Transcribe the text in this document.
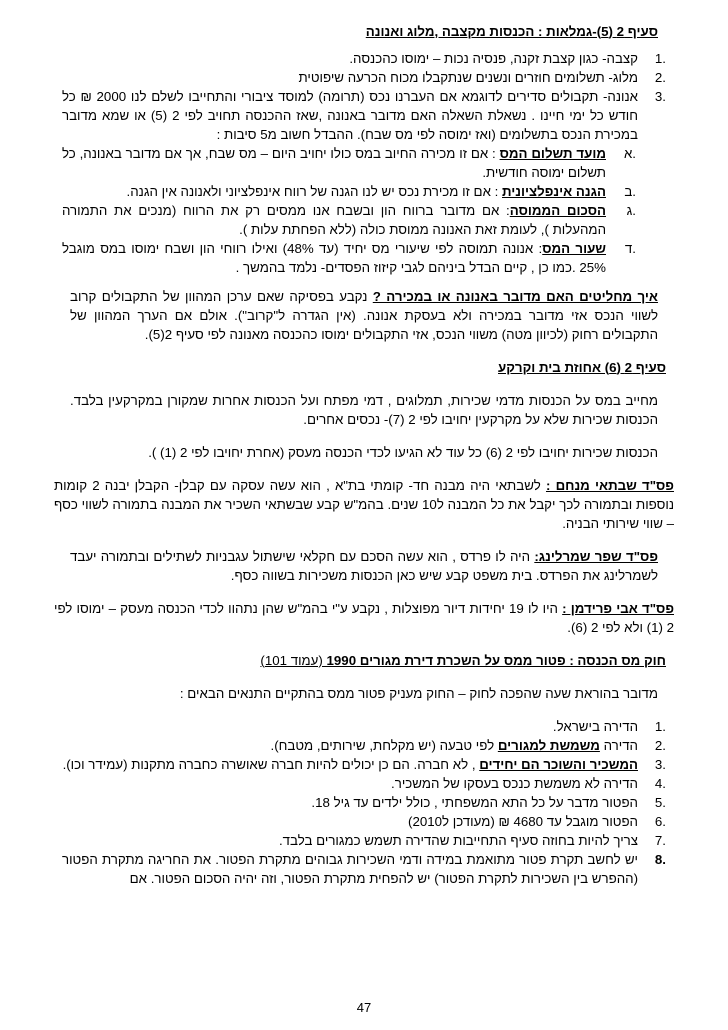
סעיף 2 (5)-גמלאות : הכנסות מקצבה ,מלוג ואנונה
1.
קצבה- כגון קצבת זקנה, פנסיה נכות – ימוסו כהכנסה.
2.
מלוג- תשלומים חוזרים ונשנים שנתקבלו מכוח הכרעה שיפוטית
3.
אנונה- תקבולים סדירים לדוגמא אם העברנו נכס (תרומה) למוסד ציבורי והתחייבו לשלם לנו 2000 ₪ כל חודש כל ימי חיינו . נשאלת השאלה האם מדובר באנונה ,שאז ההכנסה תחויב לפי 2 (5) או שמא מדובר במכירת הנכס בתשלומים (ואז ימוסה לפי מס שבח). ההבדל חשוב מ5 סיבות :
א.
מועד תשלום המס : אם זו מכירה החיוב במס כולו יחויב היום – מס שבח, אך אם מדובר באנונה, כל תשלום ימוסה חודשית.
ב.
הגנה אינפלציונית : אם זו מכירת נכס יש לנו הגנה של רווח אינפלציוני ולאנונה אין הגנה.
ג.
הסכום הממוסה: אם מדובר ברווח הון ובשבח אנו ממסים רק את הרווח (מנכים את התמורה המהעלות ), לעומת זאת האנונה ממוסת כולה (ללא הפחתת עלות ).
ד.
שעור המס: אנונה תמוסה לפי שיעורי מס יחיד (עד 48%) ואילו רווחי הון ושבח ימוסו במס מוגבל 25% .כמו כן , קיים הבדל ביניהם לגבי קיזוז הפסדים- נלמד בהמשך .

איך מחליטים האם מדובר באנונה או במכירה ? נקבע בפסיקה שאם ערכן המהוון של התקבולים קרוב לשווי הנכס אזי מדובר במכירה ולא בעסקת אנונה. (אין הגדרה ל"קרוב"). אולם אם הערך המהוון של התקבולים רחוק (לכיוון מטה) משווי הנכס, אזי התקבולים ימוסו כהכנסה מאנונה לפי סעיף 2(5).

סעיף 2 (6) אחוזת בית וקרקע

מחייב במס על הכנסות מדמי שכירות, תמלוגים , דמי מפתח ועל הכנסות אחרות שמקורן במקרקעין בלבד. הכנסות שכירות שלא על מקרקעין יחויבו לפי 2 (7)- נכסים אחרים.

הכנסות שכירות יחויבו לפי 2 (6) כל עוד לא הגיעו לכדי הכנסה מעסק (אחרת יחויבו לפי 2 (1) ).

פס"ד שבתאי מנחם : לשבתאי היה מבנה חד- קומתי בת"א , הוא עשה עסקה עם קבלן- הקבלן יבנה 2 קומות נוספות ובתמורה לכך יקבל את כל המבנה ל10 שנים. בהמ"ש קבע שבשתאי השכיר את המבנה בתמורה לשווי כסף – שווי שירותי הבניה.

פס"ד שפר שמרלינג: היה לו פרדס , הוא עשה הסכם עם חקלאי שישתול עגבניות לשתילים ובתמורה יעבד לשמרלינג את הפרדס. בית משפט קבע שיש כאן הכנסות משכירות בשווה כסף.

פס"ד אבי פרידמן : היו לו 19 יחידות דיור מפוצלות , נקבע ע"י בהמ"ש שהן נתהוו לכדי הכנסה מעסק – ימוסו לפי 2 (1) ולא לפי 2 (6).

חוק מס הכנסה : פטור ממס על השכרת דירת מגורים 1990 (עמוד 101)

מדובר בהוראת שעה שהפכה לחוק – החוק מעניק פטור ממס בהתקיים התנאים הבאים :

1.
הדירה בישראל.
2.
הדירה משמשת למגורים לפי טבעה (יש מקלחת, שירותים, מטבח).
3.
המשכיר והשוכר הם יחידים , לא חברה. הם כן יכולים להיות חברה שאושרה כחברה מתקנות (עמידר וכו).
4.
הדירה לא משמשת כנכס בעסקו של המשכיר.
5.
הפטור מדבר על כל התא המשפחתי , כולל ילדים עד גיל 18.
6.
הפטור מוגבל עד 4680 ₪ (מעודכן ל2010)
7.
צריך להיות בחוזה סעיף התחייבות שהדירה תשמש כמגורים בלבד.
8.
יש לחשב תקרת פטור מתואמת במידה ודמי השכירות גבוהים מתקרת הפטור. את החריגה מתקרת הפטור (ההפרש בין השכירות לתקרת הפטור) יש להפחית מתקרת הפטור, וזה יהיה הסכום הפטור. אם
47
